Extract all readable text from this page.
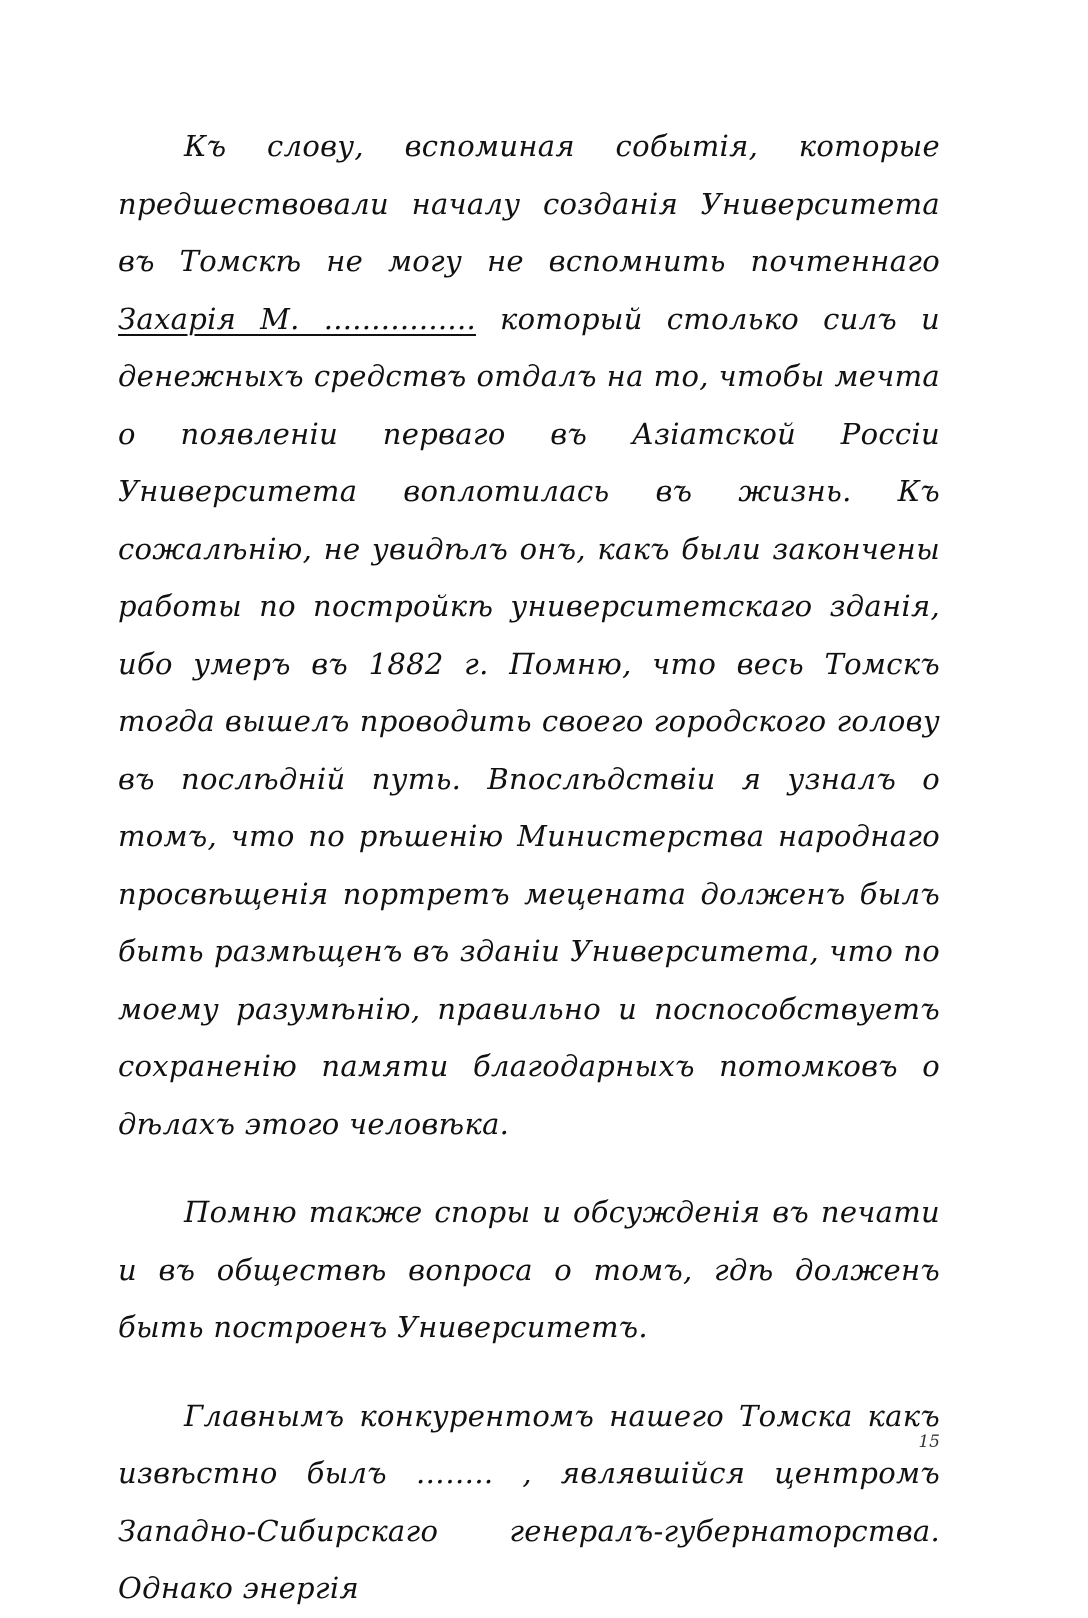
Къ слову, вспоминая событія, которые предшествовали началу созданія Университета въ Томскѣ не могу не вспомнить почтеннаго Захарія М. ................ который столько силъ и денежныхъ средствъ отдалъ на то, чтобы мечта о появленіи перваго въ Азіатской Россіи Университета воплотилась въ жизнь. Къ сожалѣнію, не увидѣлъ онъ, какъ были закончены работы по постройкѣ университетскаго зданія, ибо умеръ въ 1882 г. Помню, что весь Томскъ тогда вышелъ проводить своего городского голову въ послѣдній путь. Впослѣдствіи я узналъ о томъ, что по рѣшенію Министерства народнаго просвѣщенія портретъ мецената долженъ былъ быть размѣщенъ въ зданіи Университета, что по моему разумѣнію, правильно и поспособствуетъ сохраненію памяти благодарныхъ потомковъ о дѣлахъ этого человѣка.

Помню также споры и обсужденія въ печати и въ обществѣ вопроса о томъ, гдѣ долженъ быть построенъ Университетъ.

Главнымъ конкурентомъ нашего Томска какъ извѣстно былъ …….. , являвшійся центромъ Западно-Сибирскаго генералъ-губернаторства. Однако энергія

15
